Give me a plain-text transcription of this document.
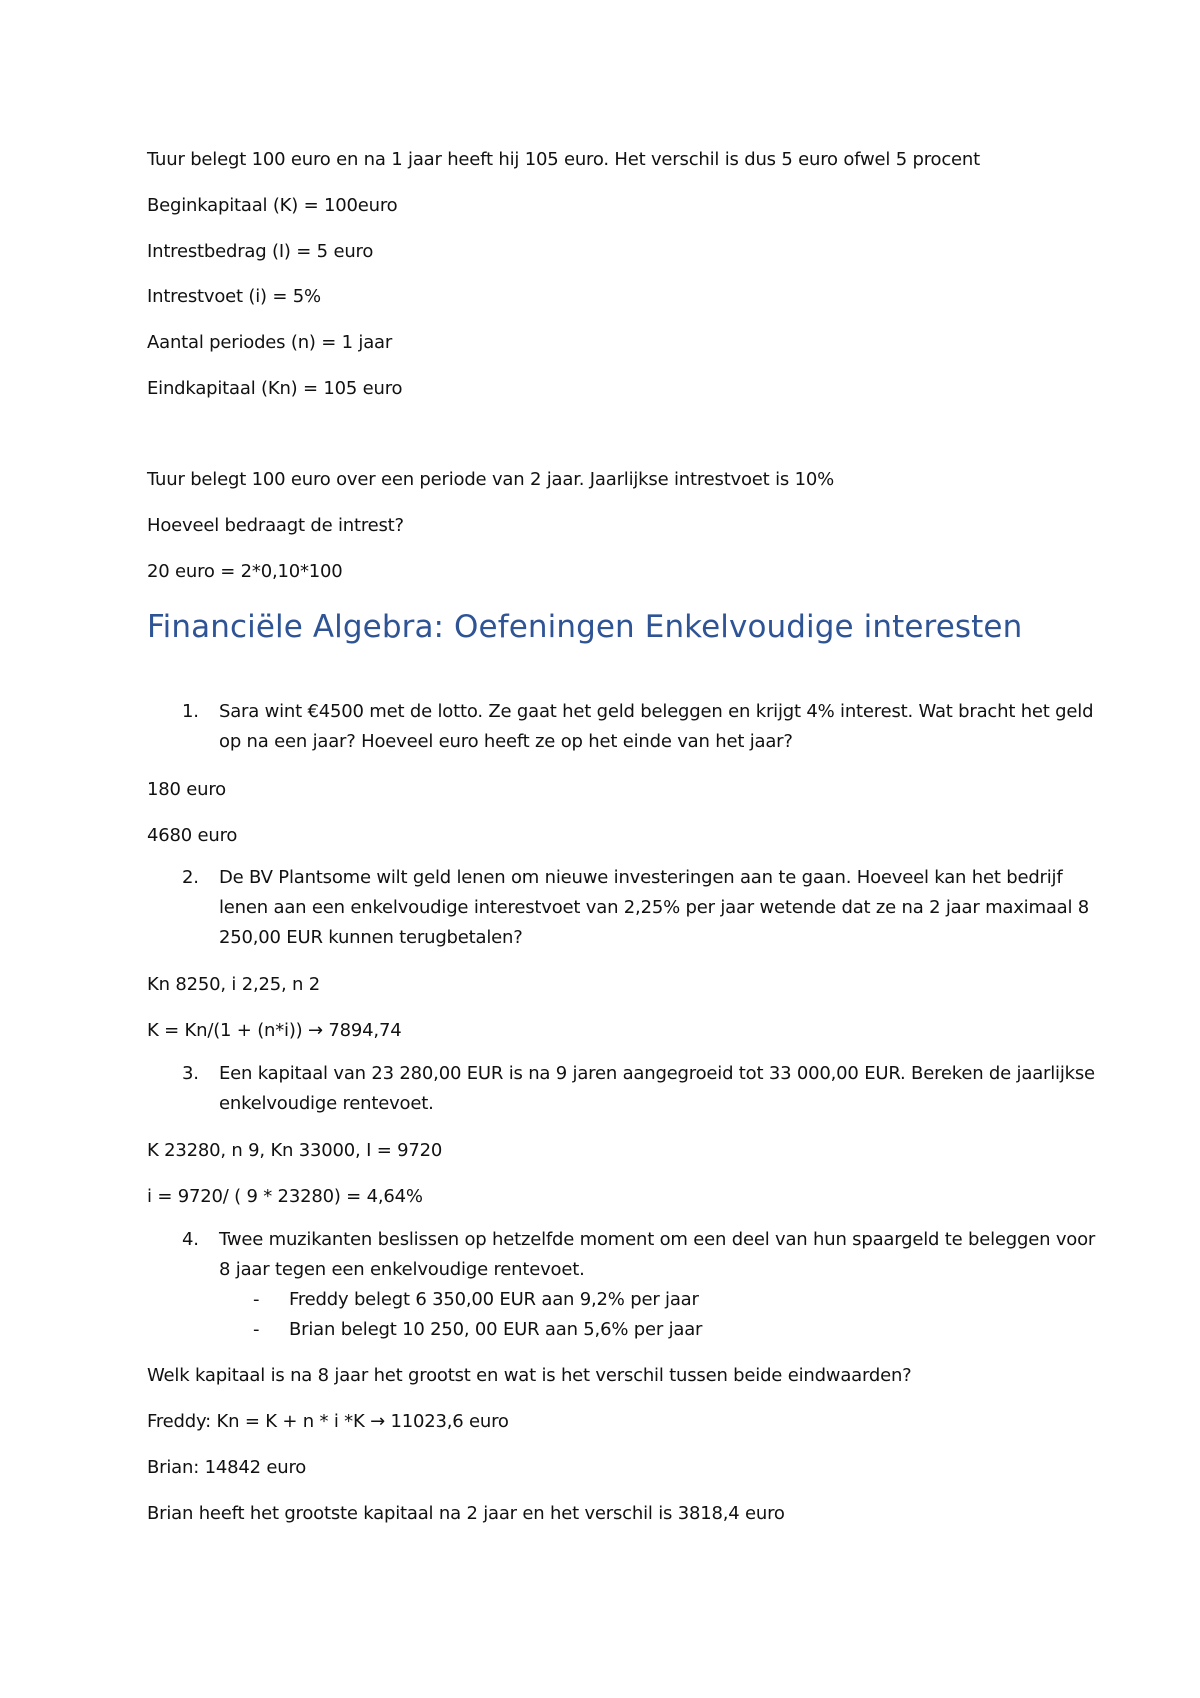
Tuur belegt 100 euro en na 1 jaar heeft hij 105 euro. Het verschil is dus 5 euro ofwel 5 procent

Beginkapitaal (K) = 100euro

Intrestbedrag (I) = 5 euro

Intrestvoet (i) = 5%

Aantal periodes (n) = 1 jaar

Eindkapitaal (Kn) = 105 euro

Tuur belegt 100 euro over een periode van 2 jaar. Jaarlijkse intrestvoet is 10%

Hoeveel bedraagt de intrest?

20 euro = 2*0,10*100

Financiële Algebra: Oefeningen Enkelvoudige interesten
1. Sara wint €4500 met de lotto. Ze gaat het geld beleggen en krijgt 4% interest. Wat bracht het geld op na een jaar? Hoeveel euro heeft ze op het einde van het jaar?

180 euro

4680 euro

2. De BV Plantsome wilt geld lenen om nieuwe investeringen aan te gaan. Hoeveel kan het bedrijf lenen aan een enkelvoudige interestvoet van 2,25% per jaar wetende dat ze na 2 jaar maximaal 8 250,00 EUR kunnen terugbetalen?

Kn 8250, i 2,25, n 2

K = Kn/(1 + (n*i)) → 7894,74

3. Een kapitaal van 23 280,00 EUR is na 9 jaren aangegroeid tot 33 000,00 EUR. Bereken de jaarlijkse enkelvoudige rentevoet.

K 23280, n 9, Kn 33000, I = 9720

i = 9720/ ( 9 * 23280) = 4,64%

4. Twee muzikanten beslissen op hetzelfde moment om een deel van hun spaargeld te beleggen voor 8 jaar tegen een enkelvoudige rentevoet.
- Freddy belegt 6 350,00 EUR aan 9,2% per jaar
- Brian belegt 10 250, 00 EUR aan 5,6% per jaar

Welk kapitaal is na 8 jaar het grootst en wat is het verschil tussen beide eindwaarden?

Freddy: Kn = K + n * i *K → 11023,6 euro

Brian: 14842 euro

Brian heeft het grootste kapitaal na 2 jaar en het verschil is 3818,4 euro
